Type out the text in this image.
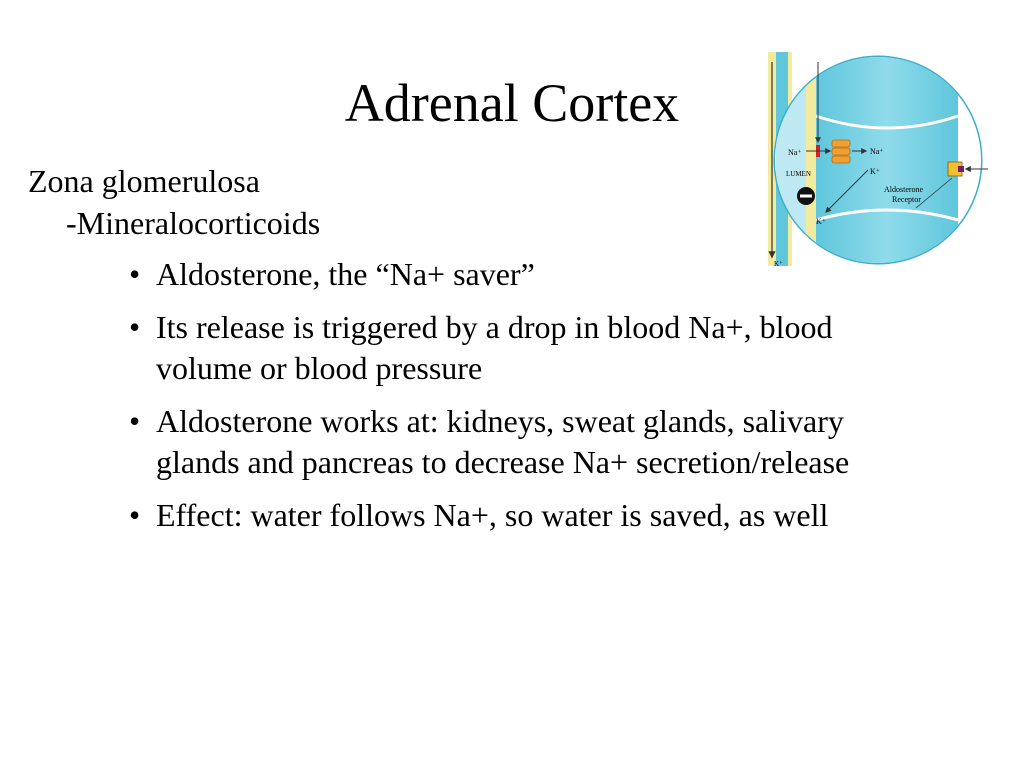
Adrenal Cortex
Zona glomerulosa
-Mineralocorticoids
• Aldosterone, the “Na+ saver”
• Its release is triggered by a drop in blood Na+, blood volume or blood pressure
• Aldosterone works at: kidneys, sweat glands, salivary glands and pancreas to decrease Na+ secretion/release
• Effect: water follows Na+, so water is saved, as well
Na⁺	Na⁺
K⁺
LUMEN
K⁺
Aldosterone
Receptor
K⁺
